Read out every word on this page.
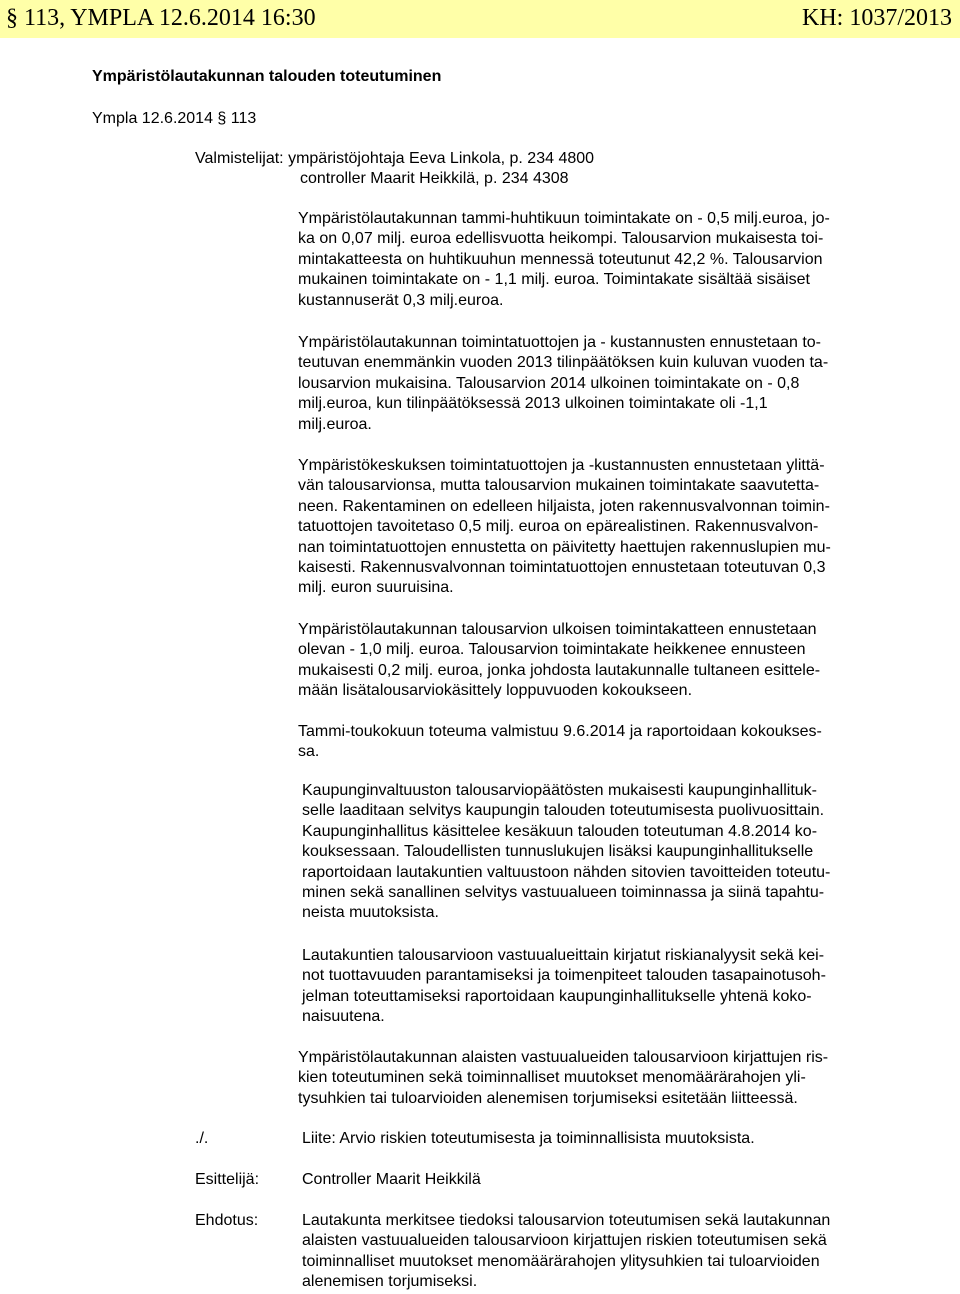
§ 113, YMPLA 12.6.2014 16:30	KH: 1037/2013
Ympäristölautakunnan talouden toteutuminen
Ympla 12.6.2014 § 113
Valmistelijat: ympäristöjohtaja Eeva Linkola, p. 234 4800
controller Maarit Heikkilä, p. 234 4308
Ympäristölautakunnan tammi-huhtikuun toimintakate on - 0,5 milj.euroa, jo-
ka on 0,07 milj. euroa edellisvuotta heikompi. Talousarvion mukaisesta toi-
mintakatteesta on huhtikuuhun mennessä toteutunut 42,2 %. Talousarvion
mukainen toimintakate on - 1,1 milj. euroa. Toimintakate sisältää sisäiset
kustannuserät 0,3 milj.euroa.
Ympäristölautakunnan toimintatuottojen ja - kustannusten ennustetaan to-
teutuvan enemmänkin vuoden 2013 tilinpäätöksen kuin kuluvan vuoden ta-
lousarvion mukaisina. Talousarvion 2014 ulkoinen toimintakate on - 0,8
milj.euroa, kun tilinpäätöksessä 2013 ulkoinen toimintakate oli -1,1
milj.euroa.
Ympäristökeskuksen toimintatuottojen ja -kustannusten ennustetaan ylittä-
vän talousarvionsa, mutta talousarvion mukainen toimintakate saavutetta-
neen. Rakentaminen on edelleen hiljaista, joten rakennusvalvonnan toimin-
tatuottojen tavoitetaso 0,5 milj. euroa on epärealistinen. Rakennusvalvon-
nan toimintatuottojen ennustetta on päivitetty haettujen rakennuslupien mu-
kaisesti. Rakennusvalvonnan toimintatuottojen ennustetaan toteutuvan 0,3
milj. euron suuruisina.
Ympäristölautakunnan talousarvion ulkoisen toimintakatteen ennustetaan
olevan - 1,0 milj. euroa. Talousarvion toimintakate heikkenee ennusteen
mukaisesti 0,2 milj. euroa, jonka johdosta lautakunnalle tultaneen esittele-
mään lisätalousarviokäsittely loppuvuoden kokoukseen.
Tammi-toukokuun toteuma valmistuu 9.6.2014 ja raportoidaan kokoukses-
sa.
Kaupunginvaltuuston talousarviopäätösten mukaisesti kaupunginhallituk-
selle laaditaan selvitys kaupungin talouden toteutumisesta puolivuosittain.
Kaupunginhallitus käsittelee kesäkuun talouden toteutuman 4.8.2014 ko-
kouksessaan. Taloudellisten tunnuslukujen lisäksi kaupunginhallitukselle
raportoidaan lautakuntien valtuustoon nähden sitovien tavoitteiden toteutu-
minen sekä sanallinen selvitys vastuualueen toiminnassa ja siinä tapahtu-
neista muutoksista.
Lautakuntien talousarvioon vastuualueittain kirjatut riskianalyysit sekä kei-
not tuottavuuden parantamiseksi ja toimenpiteet talouden tasapainotusoh-
jelman toteuttamiseksi raportoidaan kaupunginhallitukselle yhtenä koko-
naisuutena.
Ympäristölautakunnan alaisten vastuualueiden talousarvioon kirjattujen ris-
kien toteutuminen sekä toiminnalliset muutokset menomäärärahojen yli-
tysuhkien tai tuloarvioiden alenemisen torjumiseksi esitetään liitteessä.
./.	Liite: Arvio riskien toteutumisesta ja toiminnallisista muutoksista.
Esittelijä:	Controller Maarit Heikkilä
Ehdotus:	Lautakunta merkitsee tiedoksi talousarvion toteutumisen sekä lautakunnan
alaisten vastuualueiden talousarvioon kirjattujen riskien toteutumisen sekä
toiminnalliset muutokset menomäärärahojen ylitysuhkien tai tuloarvioiden
alenemisen torjumiseksi.
